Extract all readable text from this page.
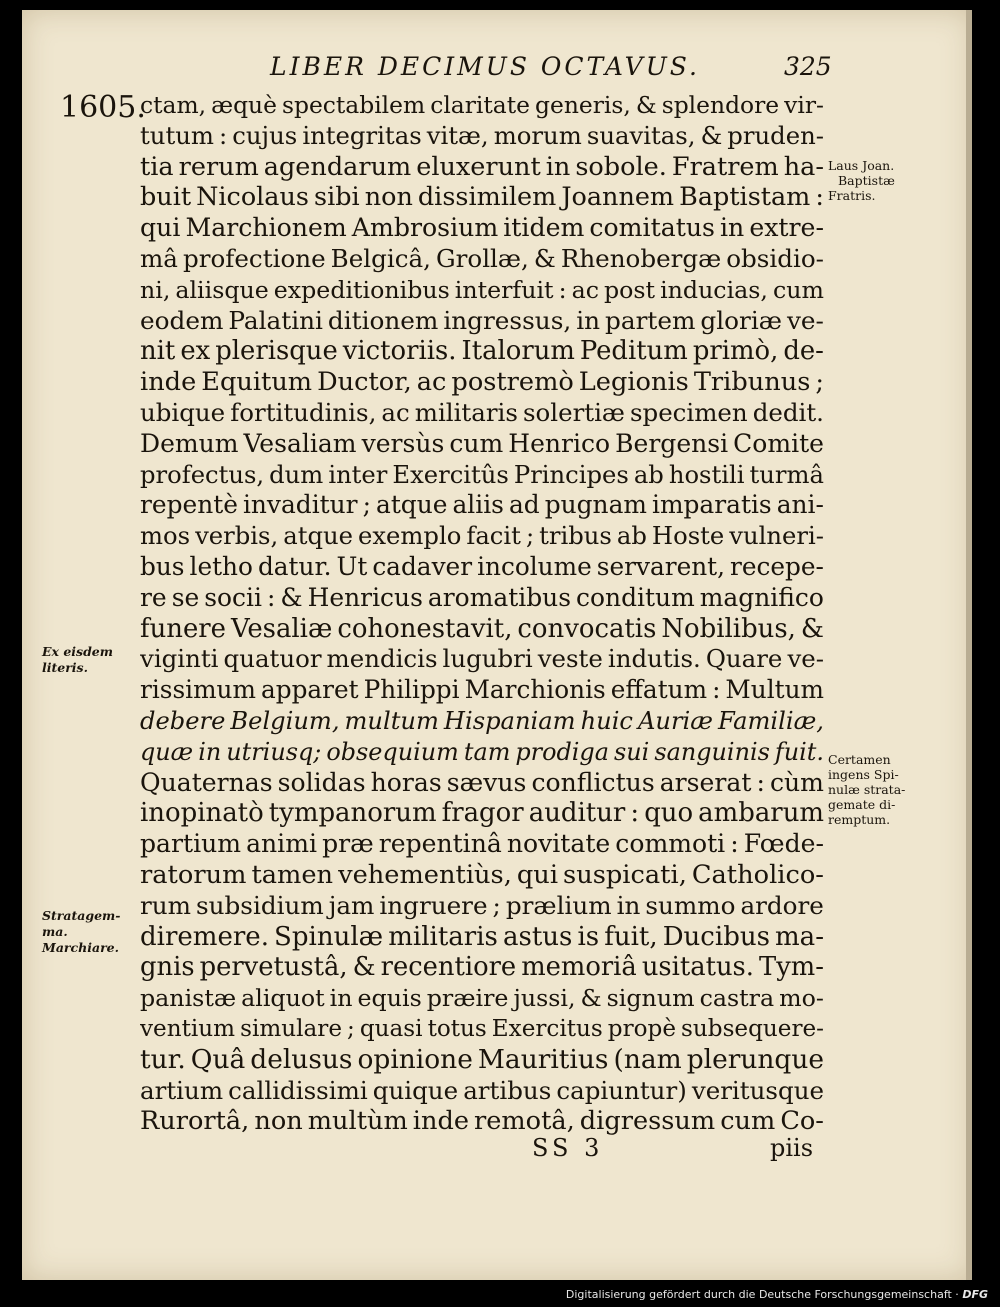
LIBER DECIMUS OCTAVUS.	325
1605.
ctam, æquè spectabilem claritate generis, & splendore vir-
tutum : cujus integritas vitæ, morum suavitas, & pruden-
tia rerum agendarum eluxerunt in sobole. Fratrem ha-
buit Nicolaus sibi non dissimilem Joannem Baptistam :
qui Marchionem Ambrosium itidem comitatus in extre-
mâ profectione Belgicâ, Grollæ, & Rhenobergæ obsidio-
ni, aliisque expeditionibus interfuit : ac post inducias, cum
eodem Palatini ditionem ingressus, in partem gloriæ ve-
nit ex plerisque victoriis. Italorum Peditum primò, de-
inde Equitum Ductor, ac postremò Legionis Tribunus ;
ubique fortitudinis, ac militaris solertiæ specimen dedit.
Demum Vesaliam versùs cum Henrico Bergensi Comite
profectus, dum inter Exercitûs Principes ab hostili turmâ
repentè invaditur ; atque aliis ad pugnam imparatis ani-
mos verbis, atque exemplo facit ; tribus ab Hoste vulneri-
bus letho datur. Ut cadaver incolume servarent, recepe-
re se socii : & Henricus aromatibus conditum magnifico
funere Vesaliæ cohonestavit, convocatis Nobilibus, &
viginti quatuor mendicis lugubri veste indutis. Quare ve-
rissimum apparet Philippi Marchionis effatum : Multum
debere Belgium, multum Hispaniam huic Auriæ Familiæ,
quæ in utriusq; obsequium tam prodiga sui sanguinis fuit.
Quaternas solidas horas sævus conflictus arserat : cùm
inopinatò tympanorum fragor auditur : quo ambarum
partium animi præ repentinâ novitate commoti : Fœde-
ratorum tamen vehementiùs, qui suspicati, Catholico-
rum subsidium jam ingruere ; prælium in summo ardore
diremere. Spinulæ militaris astus is fuit, Ducibus ma-
gnis pervetustâ, & recentiore memoriâ usitatus. Tym-
panistæ aliquot in equis præire jussi, & signum castra mo-
ventium simulare ; quasi totus Exercitus propè subsequere-
tur. Quâ delusus opinione Mauritius (nam plerunque
artium callidissimi quique artibus capiuntur) veritusque
Rurortâ, non multùm inde remotâ, digressum cum Co-
Laus Joan.
Baptistæ
Fratris.
Certamen
ingens Spi-
nulæ strata-
gemate di-
remptum.
Ex eisdem
literis.
Stratagem-
ma.
Marchiare.
SS 3	piis
Digitalisierung gefördert durch die Deutsche Forschungsgemeinschaft · DFG
